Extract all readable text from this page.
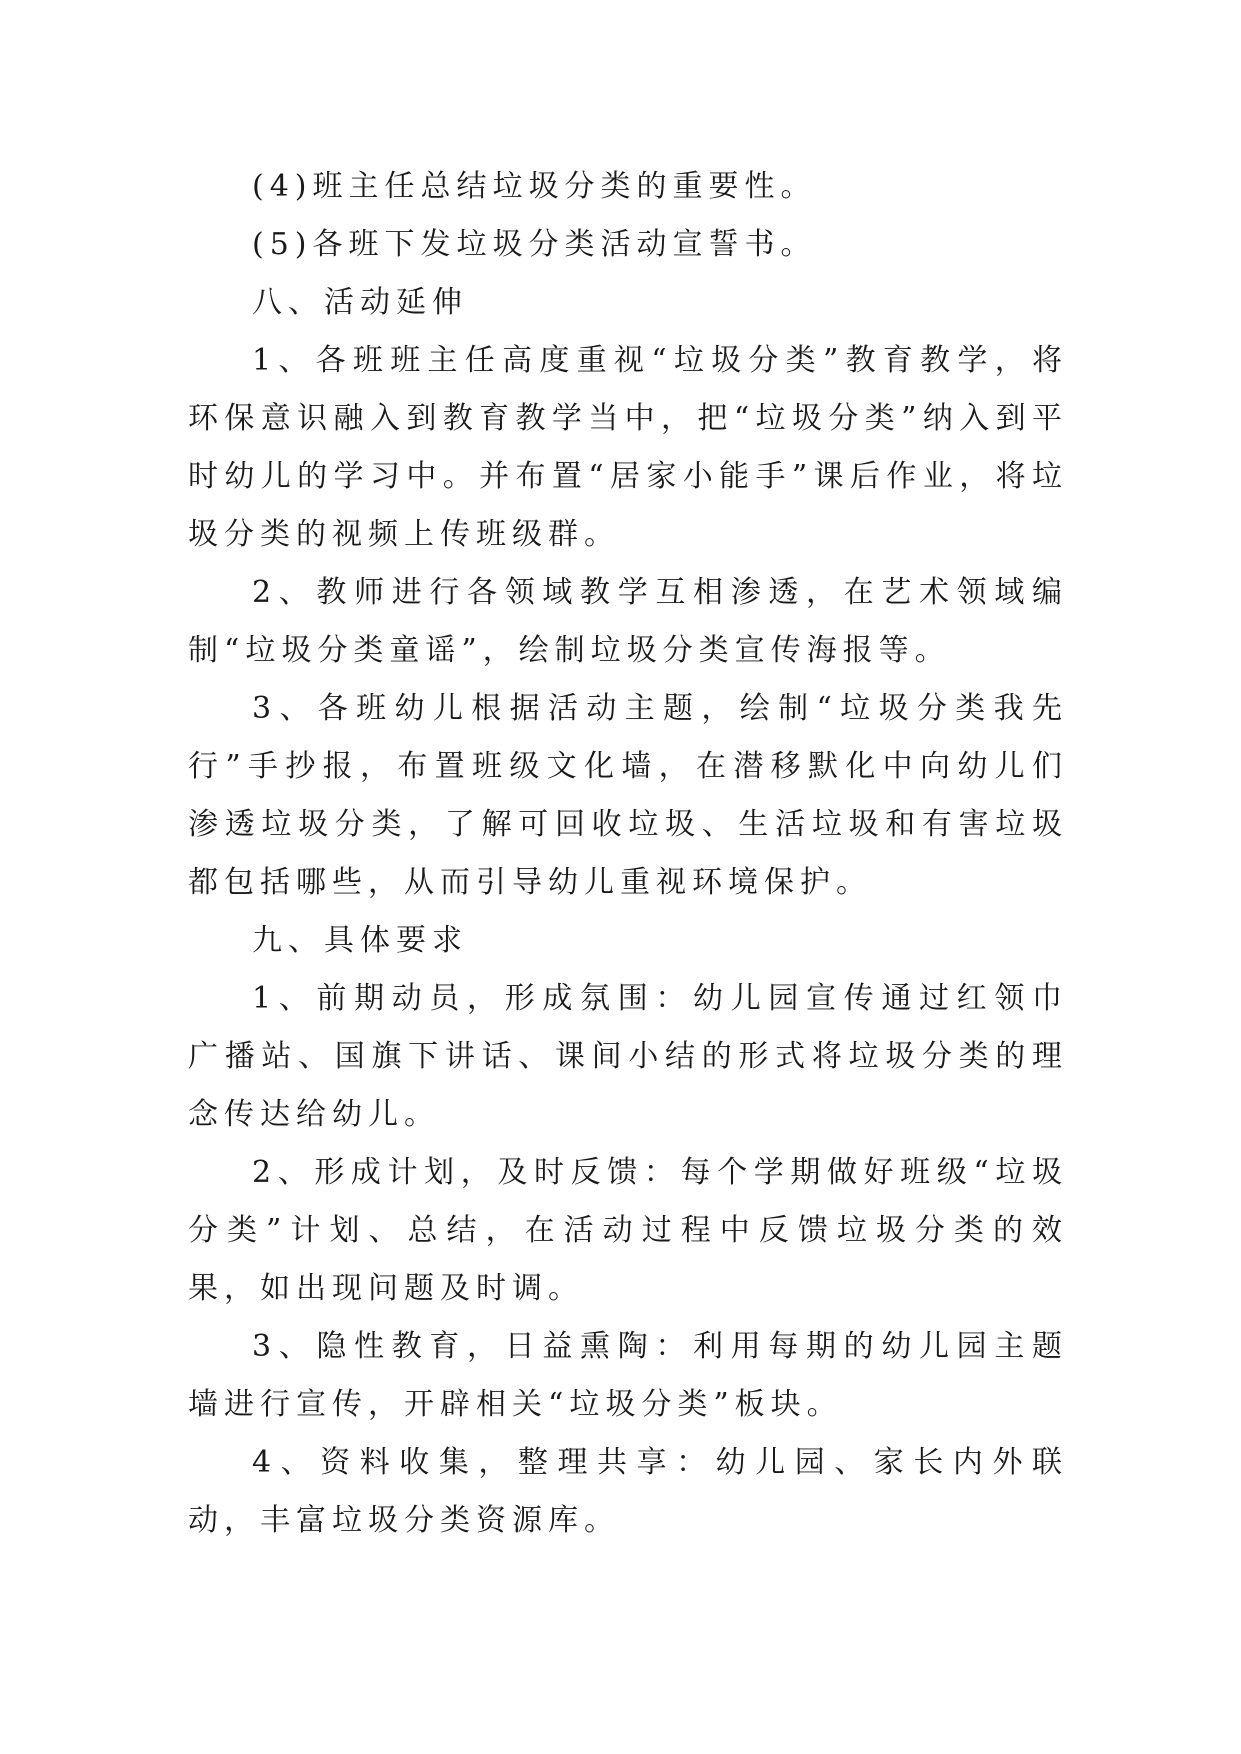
(4)班主任总结垃圾分类的重要性。

(5)各班下发垃圾分类活动宣誓书。

八、活动延伸

1、各班班主任高度重视“垃圾分类”教育教学，将环保意识融入到教育教学当中，把“垃圾分类”纳入到平时幼儿的学习中。并布置“居家小能手”课后作业，将垃圾分类的视频上传班级群。

2、教师进行各领域教学互相渗透，在艺术领域编制“垃圾分类童谣”，绘制垃圾分类宣传海报等。

3、各班幼儿根据活动主题，绘制“垃圾分类我先行”手抄报，布置班级文化墙，在潜移默化中向幼儿们渗透垃圾分类，了解可回收垃圾、生活垃圾和有害垃圾都包括哪些，从而引导幼儿重视环境保护。

九、具体要求

1、前期动员，形成氛围：幼儿园宣传通过红领巾广播站、国旗下讲话、课间小结的形式将垃圾分类的理念传达给幼儿。

2、形成计划，及时反馈：每个学期做好班级“垃圾分类”计划、总结，在活动过程中反馈垃圾分类的效果，如出现问题及时调。

3、隐性教育，日益熏陶：利用每期的幼儿园主题墙进行宣传，开辟相关“垃圾分类”板块。

4、资料收集，整理共享：幼儿园、家长内外联动，丰富垃圾分类资源库。
